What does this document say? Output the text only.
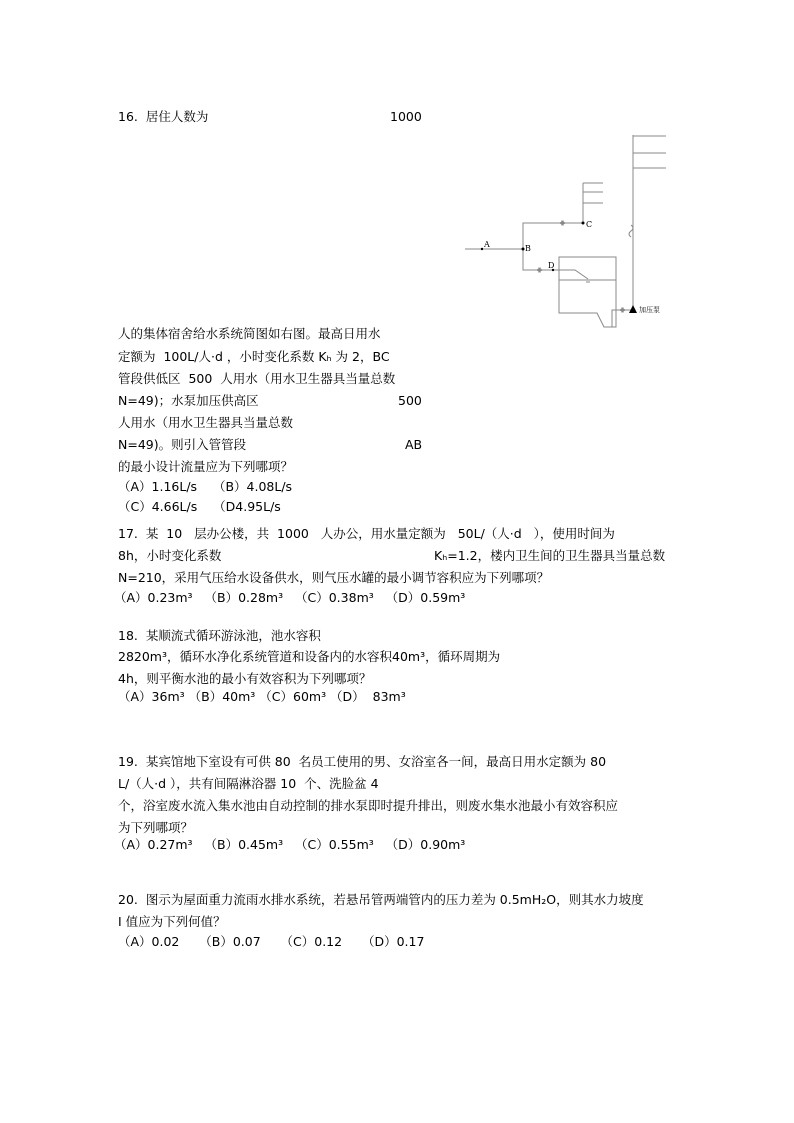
16.  居住人数为	1000
A	B
C
D
加压泵
人的集体宿舍给水系统简图如右图。最高日用水
定额为  100L/人·d ，小时变化系数 Kₕ 为 2，BC
管段供低区  500  人用水（用水卫生器具当量总数
N=49)；水泵加压供高区	500
人用水（用水卫生器具当量总数
N=49)。则引入管管段	AB
的最小设计流量应为下列哪项？
（A）1.16L/s    （B）4.08L/s
（C）4.66L/s    （D4.95L/s
17.  某  10   层办公楼，共  1000   人办公，用水量定额为   50L/（人·d   ），使用时间为
8h，小时变化系数	Kₕ=1.2，楼内卫生间的卫生器具当量总数
N=210，采用气压给水设备供水，则气压水罐的最小调节容积应为下列哪项？
（A）0.23m³   （B）0.28m³   （C）0.38m³   （D）0.59m³
18.  某顺流式循环游泳池，池水容积
2820m³，循环水净化系统管道和设备内的水容积40m³，循环周期为
4h，则平衡水池的最小有效容积为下列哪项？
（A）36m³ （B）40m³ （C）60m³ （D）  83m³
19.  某宾馆地下室设有可供 80  名员工使用的男、女浴室各一间，最高日用水定额为 80
L/（人·d ），共有间隔淋浴器 10  个、洗脸盆 4
个，浴室废水流入集水池由自动控制的排水泵即时提升排出，则废水集水池最小有效容积应
为下列哪项？
（A）0.27m³   （B）0.45m³   （C）0.55m³   （D）0.90m³
20.  图示为屋面重力流雨水排水系统，若悬吊管两端管内的压力差为 0.5mH₂O，则其水力坡度
I 值应为下列何值？
（A）0.02     （B）0.07     （C）0.12     （D）0.17
